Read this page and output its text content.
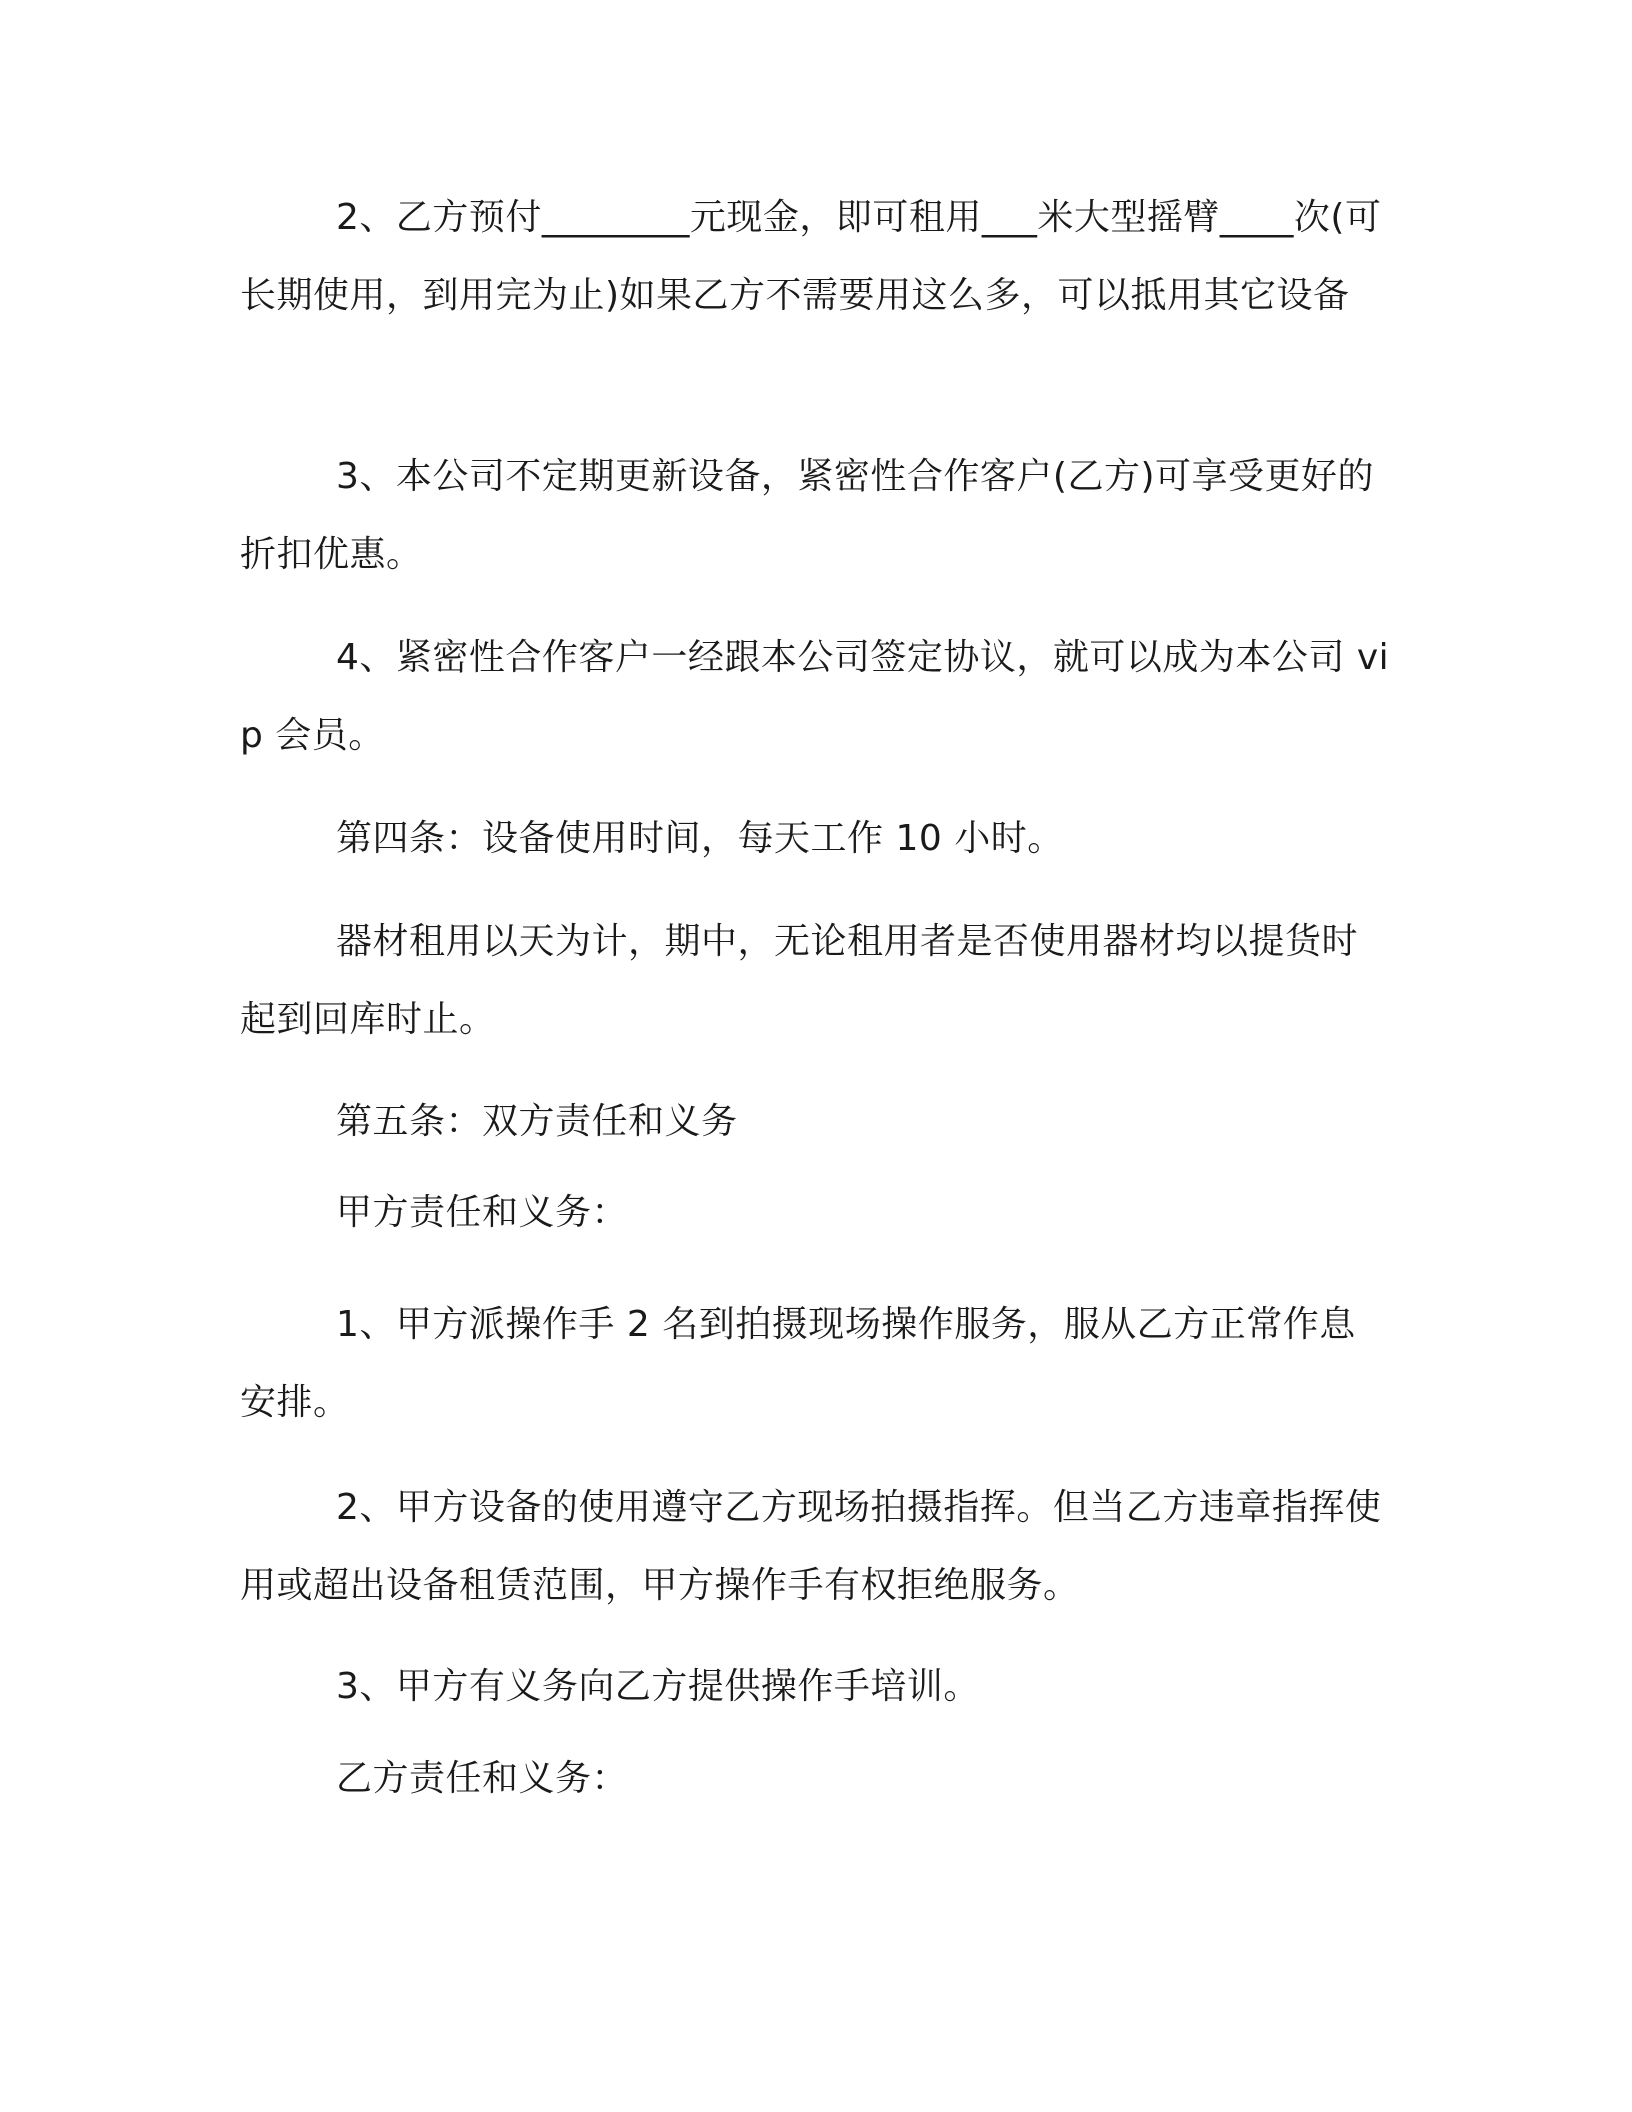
2、乙方预付________元现金，即可租用___米大型摇臂____次(可长期使用，到用完为止)如果乙方不需要用这么多，可以抵用其它设备
3、本公司不定期更新设备，紧密性合作客户(乙方)可享受更好的折扣优惠。
4、紧密性合作客户一经跟本公司签定协议，就可以成为本公司 vip 会员。
第四条：设备使用时间，每天工作 10 小时。
器材租用以天为计，期中，无论租用者是否使用器材均以提货时起到回库时止。
第五条：双方责任和义务
甲方责任和义务：
1、甲方派操作手 2 名到拍摄现场操作服务，服从乙方正常作息安排。
2、甲方设备的使用遵守乙方现场拍摄指挥。但当乙方违章指挥使用或超出设备租赁范围，甲方操作手有权拒绝服务。
3、甲方有义务向乙方提供操作手培训。
乙方责任和义务：
